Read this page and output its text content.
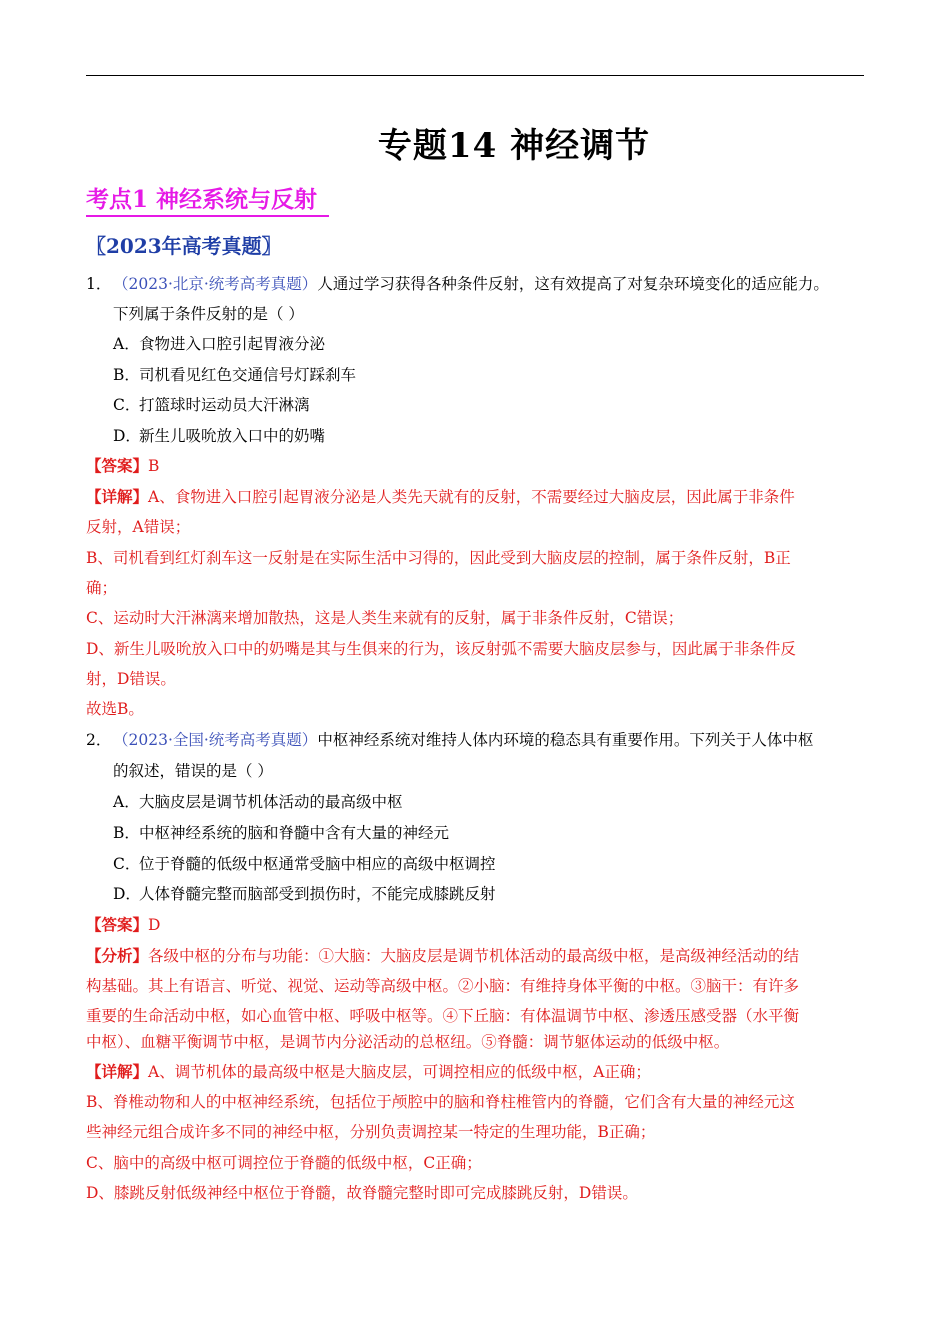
专题14 神经调节
考点1 神经系统与反射
〖2023年高考真题〗
1． （2023·北京·统考高考真题）人通过学习获得各种条件反射，这有效提高了对复杂环境变化的适应能力。
下列属于条件反射的是（ ）
A．食物进入口腔引起胃液分泌
B．司机看见红色交通信号灯踩刹车
C．打篮球时运动员大汗淋漓
D．新生儿吸吮放入口中的奶嘴
【答案】B
【详解】A、食物进入口腔引起胃液分泌是人类先天就有的反射，不需要经过大脑皮层，因此属于非条件
反射，A错误；
B、司机看到红灯刹车这一反射是在实际生活中习得的，因此受到大脑皮层的控制，属于条件反射，B正
确；
C、运动时大汗淋漓来增加散热，这是人类生来就有的反射，属于非条件反射，C错误；
D、新生儿吸吮放入口中的奶嘴是其与生俱来的行为，该反射弧不需要大脑皮层参与，因此属于非条件反
射，D错误。
故选B。
2． （2023·全国·统考高考真题）中枢神经系统对维持人体内环境的稳态具有重要作用。下列关于人体中枢
的叙述，错误的是（ ）
A．大脑皮层是调节机体活动的最高级中枢
B．中枢神经系统的脑和脊髓中含有大量的神经元
C．位于脊髓的低级中枢通常受脑中相应的高级中枢调控
D．人体脊髓完整而脑部受到损伤时，不能完成膝跳反射
【答案】D
【分析】各级中枢的分布与功能：①大脑：大脑皮层是调节机体活动的最高级中枢，是高级神经活动的结
构基础。其上有语言、听觉、视觉、运动等高级中枢。②小脑：有维持身体平衡的中枢。③脑干：有许多
重要的生命活动中枢，如心血管中枢、呼吸中枢等。④下丘脑：有体温调节中枢、渗透压感受器（水平衡
中枢）、血糖平衡调节中枢，是调节内分泌活动的总枢纽。⑤脊髓：调节躯体运动的低级中枢。
【详解】A、调节机体的最高级中枢是大脑皮层，可调控相应的低级中枢，A正确；
B、脊椎动物和人的中枢神经系统，包括位于颅腔中的脑和脊柱椎管内的脊髓，它们含有大量的神经元这
些神经元组合成许多不同的神经中枢，分别负责调控某一特定的生理功能，B正确；
C、脑中的高级中枢可调控位于脊髓的低级中枢，C正确；
D、膝跳反射低级神经中枢位于脊髓，故脊髓完整时即可完成膝跳反射，D错误。
